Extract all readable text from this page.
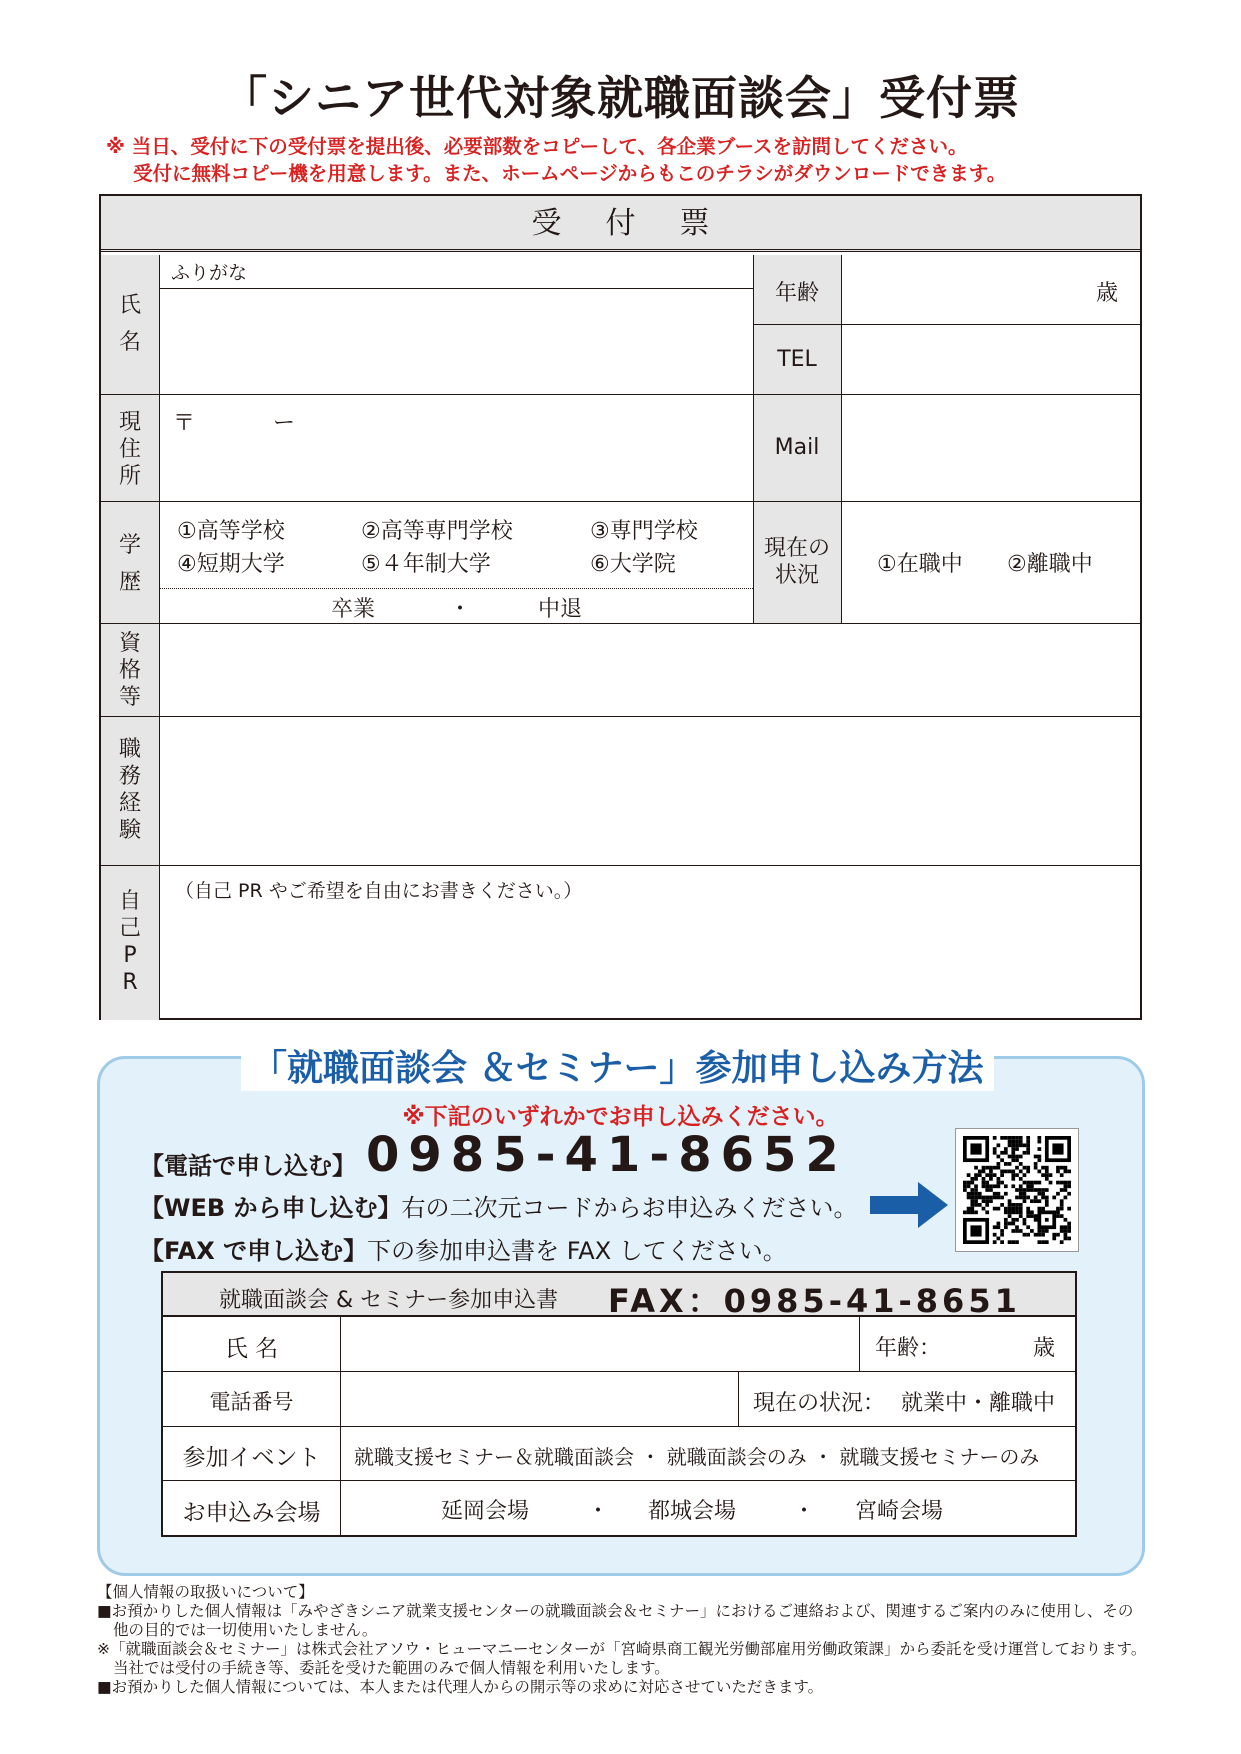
「シニア世代対象就職面談会」受付票
※ 当日、受付に下の受付票を提出後、必要部数をコピーして、各企業ブースを訪問してください。
受付に無料コピー機を用意します。また、ホームページからもこのチラシがダウンロードできます。
受付票
氏
名
ふりがな
年齢	歳
TEL
現
住
所
〒	ー
Mail
学
歴
①高等学校	②高等専門学校	③専門学校
④短期大学	⑤４年制大学	⑥大学院
卒業	・	中退
現在の
状況	①在職中 ②離職中
資
格
等
職
務
経
験
自
己
P
R
（自己 PR やご希望を自由にお書きください。）
「就職面談会 ＆セミナー」参加申し込み方法
※下記のいずれかでお申し込みください。
【電話で申し込む】 0985-41-8652
【WEB から申し込む】右の二次元コードからお申込みください。
【FAX で申し込む】下の参加申込書を FAX してください。
就職面談会 & セミナー参加申込書 FAX：0985-41-8651
氏 名	年齢：	歳
電話番号	現在の状況： 就業中・離職中
参加イベント	就職支援セミナー＆就職面談会 ・ 就職面談会のみ ・ 就職支援セミナーのみ
お申込み会場	延岡会場	・ 都城会場	・ 宮崎会場
【個人情報の取扱いについて】
■お預かりした個人情報は「みやざきシニア就業支援センターの就職面談会＆セミナー」におけるご連絡および、関連するご案内のみに使用し、その
他の目的では一切使用いたしません。
※「就職面談会＆セミナー」は株式会社アソウ・ヒューマニーセンターが「宮崎県商工観光労働部雇用労働政策課」から委託を受け運営しております。
当社では受付の手続き等、委託を受けた範囲のみで個人情報を利用いたします。
■お預かりした個人情報については、本人または代理人からの開示等の求めに対応させていただきます。
